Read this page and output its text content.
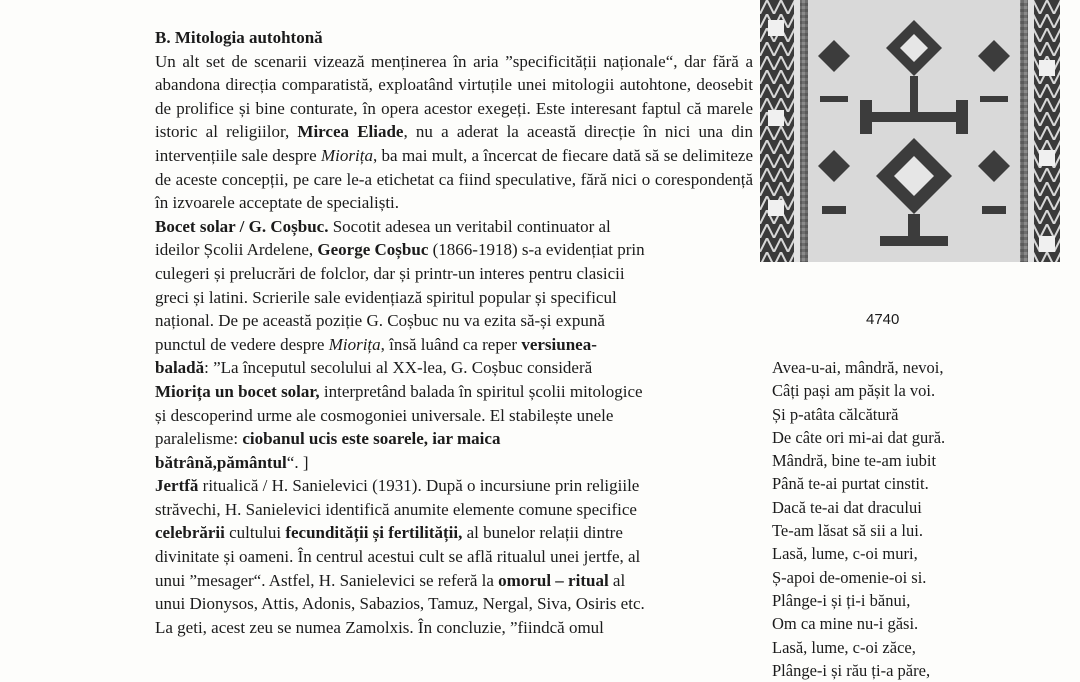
B. Mitologia autohtonă

Un alt set de scenarii vizează menținerea în aria ”specificității naționale“, dar fără a abandona direcția comparatistă, exploatând virtuțile unei mitologii autohtone, deosebit de prolifice și bine conturate, în opera acestor exegeți. Este interesant faptul că marele istoric al religiilor, Mircea Eliade, nu a aderat la această direcție în nici una din intervențiile sale despre Miorița, ba mai mult, a încercat de fiecare dată să se delimiteze de aceste concepții, pe care le-a etichetat ca fiind speculative, fără nici o corespondență în izvoarele acceptate de specialiști.

Bocet solar / G. Coșbuc. Socotit adesea un veritabil continuator al
ideilor Școlii Ardelene, George Coșbuc (1866-1918) s-a evidențiat prin
culegeri și prelucrări de folclor, dar și printr-un interes pentru clasicii
greci și latini. Scrierile sale evidențiază spiritul popular și specificul
național. De pe această poziție G. Coșbuc nu va ezita să-și expună
punctul de vedere despre Miorița, însă luând ca reper versiunea-
baladă: ”La începutul secolului al XX-lea, G. Coșbuc consideră
Miorița un bocet solar, interpretând balada în spiritul școlii mitologice
și descoperind urme ale cosmogoniei universale. El stabilește unele
paralelisme: ciobanul ucis este soarele, iar maica
bătrână,pământul“. ]

Jertfă ritualică / H. Sanielevici (1931). După o incursiune prin religiile
străvechi, H. Sanielevici identifică anumite elemente comune specifice
celebrării cultului fecundității și fertilității, al bunelor relații dintre
divinitate și oameni. În centrul acestui cult se află ritualul unei jertfe, al
unui ”mesager“. Astfel, H. Sanielevici se referă la omorul – ritual al
unui Dionysos, Attis, Adonis, Sabazios, Tamuz, Nergal, Siva, Osiris etc.
La geti, acest zeu se numea Zamolxis. În concluzie, ”fiindcă omul

4740
Avea-u-ai, mândră, nevoi,
Câți pași am pășit la voi.
Și p-atâta călcătură
De câte ori mi-ai dat gură.
Mândră, bine te-am iubit
Până te-ai purtat cinstit.
Dacă te-ai dat dracului
Te-am lăsat să sii a lui.
Lasă, lume, c-oi muri,
Ș-apoi de-omenie-oi si.
Plânge-i și ți-i bănui,
Om ca mine nu-i găsi.
Lasă, lume, c-oi zăce,
Plânge-i și rău ți-a păre,
